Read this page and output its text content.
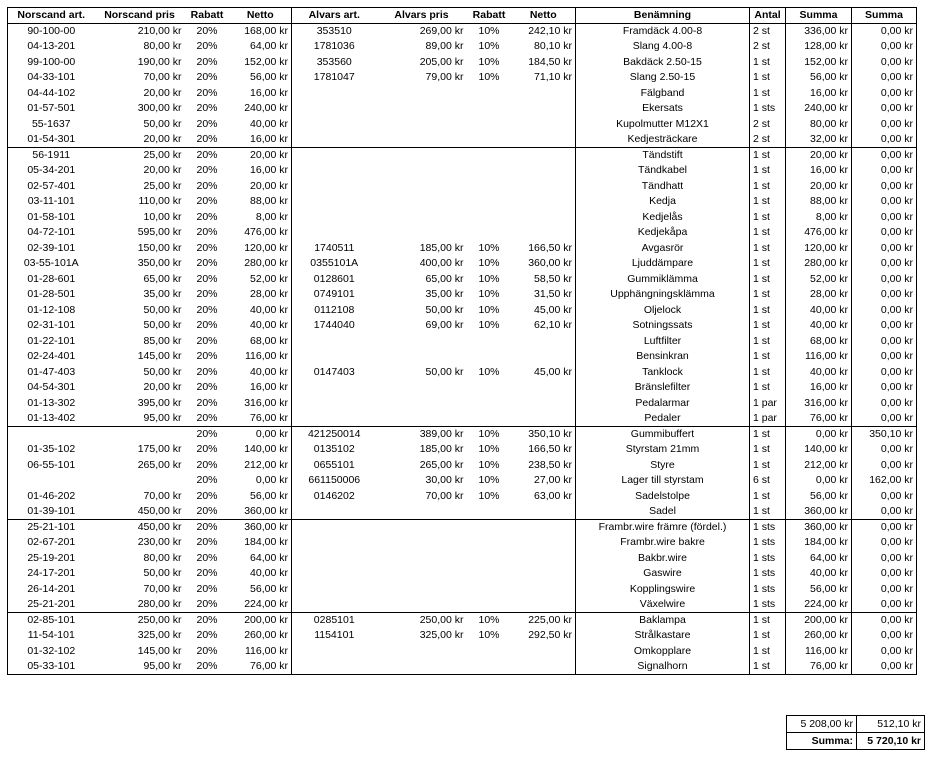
Norscand art.	Norscand pris	Rabatt	Netto	Alvars art.	Alvars pris	Rabatt	Netto	Benämning	Antal	Summa	Summa
90-100-00	210,00 kr	20%	168,00 kr	353510	269,00 kr	10%	242,10 kr	Framdäck 4.00-8	2 st	336,00 kr	0,00 kr
04-13-201	80,00 kr	20%	64,00 kr	1781036	89,00 kr	10%	80,10 kr	Slang 4.00-8	2 st	128,00 kr	0,00 kr
99-100-00	190,00 kr	20%	152,00 kr	353560	205,00 kr	10%	184,50 kr	Bakdäck 2.50-15	1 st	152,00 kr	0,00 kr
04-33-101	70,00 kr	20%	56,00 kr	1781047	79,00 kr	10%	71,10 kr	Slang 2.50-15	1 st	56,00 kr	0,00 kr
04-44-102	20,00 kr	20%	16,00 kr					Fälgband	1 st	16,00 kr	0,00 kr
01-57-501	300,00 kr	20%	240,00 kr					Ekersats	1 sts	240,00 kr	0,00 kr
55-1637	50,00 kr	20%	40,00 kr					Kupolmutter M12X1	2 st	80,00 kr	0,00 kr
01-54-301	20,00 kr	20%	16,00 kr					Kedjesträckare	2 st	32,00 kr	0,00 kr
56-1911	25,00 kr	20%	20,00 kr					Tändstift	1 st	20,00 kr	0,00 kr
05-34-201	20,00 kr	20%	16,00 kr					Tändkabel	1 st	16,00 kr	0,00 kr
02-57-401	25,00 kr	20%	20,00 kr					Tändhatt	1 st	20,00 kr	0,00 kr
03-11-101	110,00 kr	20%	88,00 kr					Kedja	1 st	88,00 kr	0,00 kr
01-58-101	10,00 kr	20%	8,00 kr					Kedjelås	1 st	8,00 kr	0,00 kr
04-72-101	595,00 kr	20%	476,00 kr					Kedjekåpa	1 st	476,00 kr	0,00 kr
02-39-101	150,00 kr	20%	120,00 kr	1740511	185,00 kr	10%	166,50 kr	Avgasrör	1 st	120,00 kr	0,00 kr
03-55-101A	350,00 kr	20%	280,00 kr	0355101A	400,00 kr	10%	360,00 kr	Ljuddämpare	1 st	280,00 kr	0,00 kr
01-28-601	65,00 kr	20%	52,00 kr	0128601	65,00 kr	10%	58,50 kr	Gummiklämma	1 st	52,00 kr	0,00 kr
01-28-501	35,00 kr	20%	28,00 kr	0749101	35,00 kr	10%	31,50 kr	Upphängningsklämma	1 st	28,00 kr	0,00 kr
01-12-108	50,00 kr	20%	40,00 kr	0112108	50,00 kr	10%	45,00 kr	Oljelock	1 st	40,00 kr	0,00 kr
02-31-101	50,00 kr	20%	40,00 kr	1744040	69,00 kr	10%	62,10 kr	Sotningssats	1 st	40,00 kr	0,00 kr
01-22-101	85,00 kr	20%	68,00 kr					Luftfilter	1 st	68,00 kr	0,00 kr
02-24-401	145,00 kr	20%	116,00 kr					Bensinkran	1 st	116,00 kr	0,00 kr
01-47-403	50,00 kr	20%	40,00 kr	0147403	50,00 kr	10%	45,00 kr	Tanklock	1 st	40,00 kr	0,00 kr
04-54-301	20,00 kr	20%	16,00 kr					Bränslefilter	1 st	16,00 kr	0,00 kr
01-13-302	395,00 kr	20%	316,00 kr					Pedalarmar	1 par	316,00 kr	0,00 kr
01-13-402	95,00 kr	20%	76,00 kr					Pedaler	1 par	76,00 kr	0,00 kr
		20%	0,00 kr	421250014	389,00 kr	10%	350,10 kr	Gummibuffert	1 st	0,00 kr	350,10 kr
01-35-102	175,00 kr	20%	140,00 kr	0135102	185,00 kr	10%	166,50 kr	Styrstam 21mm	1 st	140,00 kr	0,00 kr
06-55-101	265,00 kr	20%	212,00 kr	0655101	265,00 kr	10%	238,50 kr	Styre	1 st	212,00 kr	0,00 kr
		20%	0,00 kr	661150006	30,00 kr	10%	27,00 kr	Lager till styrstam	6 st	0,00 kr	162,00 kr
01-46-202	70,00 kr	20%	56,00 kr	0146202	70,00 kr	10%	63,00 kr	Sadelstolpe	1 st	56,00 kr	0,00 kr
01-39-101	450,00 kr	20%	360,00 kr					Sadel	1 st	360,00 kr	0,00 kr
25-21-101	450,00 kr	20%	360,00 kr					Frambr.wire främre (fördel.)	1 sts	360,00 kr	0,00 kr
02-67-201	230,00 kr	20%	184,00 kr					Frambr.wire bakre	1 sts	184,00 kr	0,00 kr
25-19-201	80,00 kr	20%	64,00 kr					Bakbr.wire	1 sts	64,00 kr	0,00 kr
24-17-201	50,00 kr	20%	40,00 kr					Gaswire	1 sts	40,00 kr	0,00 kr
26-14-201	70,00 kr	20%	56,00 kr					Kopplingswire	1 sts	56,00 kr	0,00 kr
25-21-201	280,00 kr	20%	224,00 kr					Växelwire	1 sts	224,00 kr	0,00 kr
02-85-101	250,00 kr	20%	200,00 kr	0285101	250,00 kr	10%	225,00 kr	Baklampa	1 st	200,00 kr	0,00 kr
11-54-101	325,00 kr	20%	260,00 kr	1154101	325,00 kr	10%	292,50 kr	Strålkastare	1 st	260,00 kr	0,00 kr
01-32-102	145,00 kr	20%	116,00 kr					Omkopplare	1 st	116,00 kr	0,00 kr
05-33-101	95,00 kr	20%	76,00 kr					Signalhorn	1 st	76,00 kr	0,00 kr
5 208,00 kr	512,10 kr
Summa:	5 720,10 kr
